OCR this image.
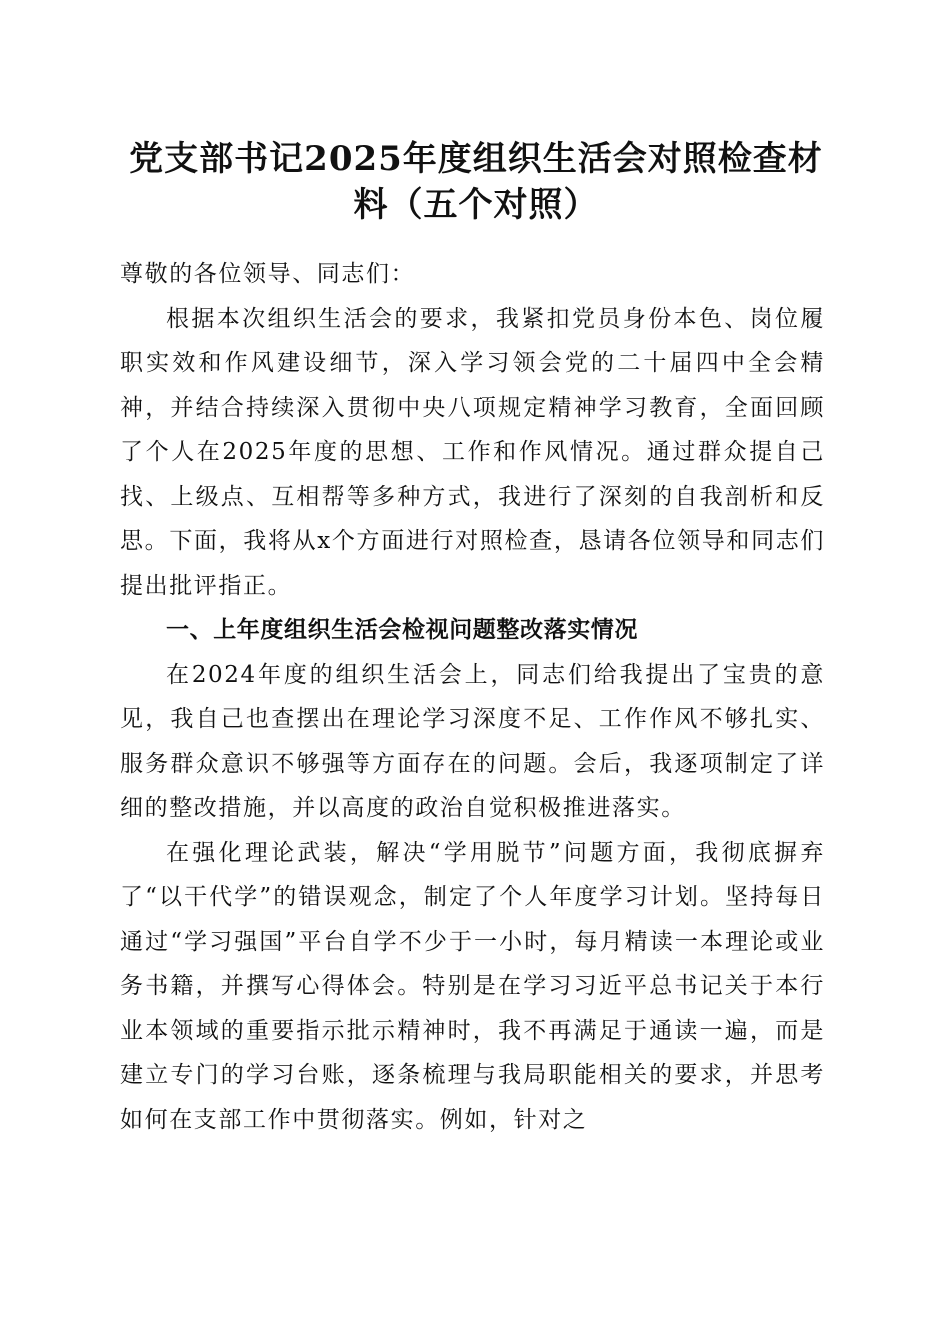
党支部书记2025年度组织生活会对照检查材
料（五个对照）

尊敬的各位领导、同志们：

根据本次组织生活会的要求，我紧扣党员身份本色、岗位履职实效和作风建设细节，深入学习领会党的二十届四中全会精神，并结合持续深入贯彻中央八项规定精神学习教育，全面回顾了个人在2025年度的思想、工作和作风情况。通过群众提自己找、上级点、互相帮等多种方式，我进行了深刻的自我剖析和反思。下面，我将从x个方面进行对照检查，恳请各位领导和同志们提出批评指正。

一、上年度组织生活会检视问题整改落实情况

在2024年度的组织生活会上，同志们给我提出了宝贵的意见，我自己也查摆出在理论学习深度不足、工作作风不够扎实、服务群众意识不够强等方面存在的问题。会后，我逐项制定了详细的整改措施，并以高度的政治自觉积极推进落实。

在强化理论武装，解决“学用脱节”问题方面，我彻底摒弃了“以干代学”的错误观念，制定了个人年度学习计划。坚持每日通过“学习强国”平台自学不少于一小时，每月精读一本理论或业务书籍，并撰写心得体会。特别是在学习习近平总书记关于本行业本领域的重要指示批示精神时，我不再满足于通读一遍，而是建立专门的学习台账，逐条梳理与我局职能相关的要求，并思考如何在支部工作中贯彻落实。例如，针对之
